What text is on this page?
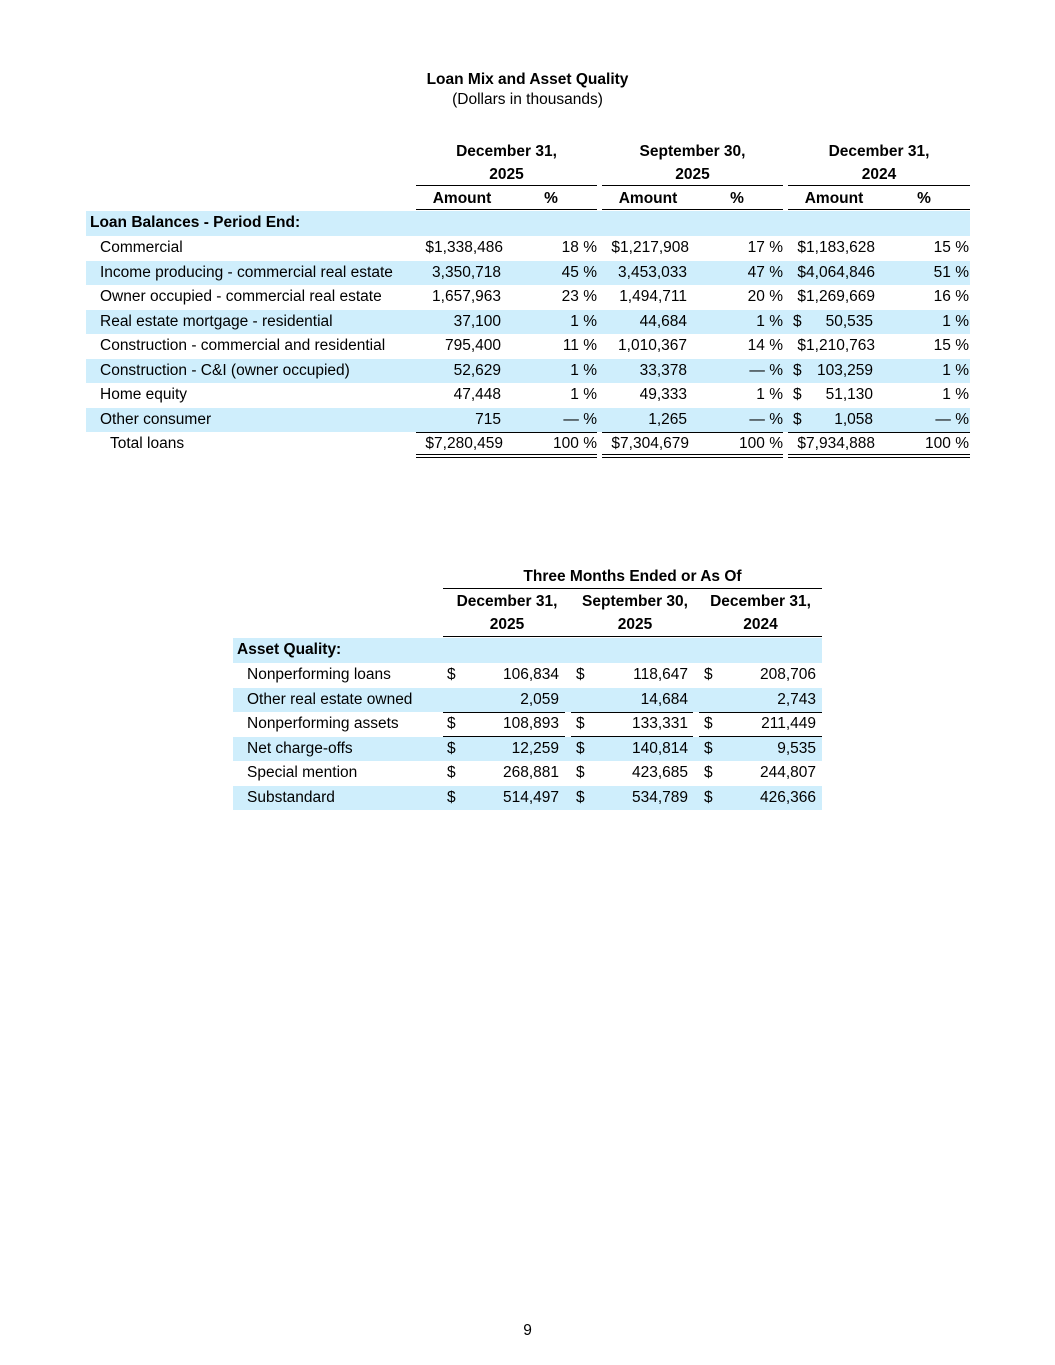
Loan Mix and Asset Quality
(Dollars in thousands)
December 31,
2025
September 30,
2025
December 31,
2024
Amount	%	Amount	%	Amount	%
Loan Balances - Period End:
Commercial	$1,338,486	18 % $1,217,908	17 % $1,183,628	15 %
Income producing - commercial real estate	3,350,718	45 % 3,453,033	47 % $4,064,846	51 %
Owner occupied - commercial real estate	1,657,963	23 % 1,494,711	20 % $1,269,669	16 %
Real estate mortgage - residential	37,100	1 %	44,684	1 % $ 50,535	1 %
Construction - commercial and residential	795,400	11 % 1,010,367	14 % $1,210,763	15 %
Construction - C&I (owner occupied)	52,629	1 %	33,378	— % $ 103,259	1 %
Home equity	47,448	1 %	49,333	1 % $ 51,130	1 %
Other consumer	715	— %	1,265	— % $ 1,058	— %
Total loans	$7,280,459	100 % $7,304,679	100 % $7,934,888	100 %
Three Months Ended or As Of
December 31,
2025
September 30,
2025
December 31,
2024
Asset Quality:
Nonperforming loans	$	106,834 $	118,647 $	208,706
Other real estate owned	2,059	14,684	2,743
Nonperforming assets	$	108,893 $	133,331 $	211,449
Net charge-offs	$	12,259 $	140,814 $	9,535
Special mention	$	268,881 $	423,685 $	244,807
Substandard	$	514,497 $	534,789 $	426,366
9
